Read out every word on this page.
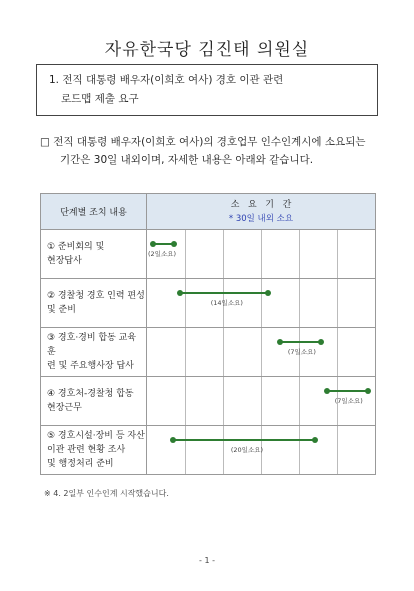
자유한국당 김진태 의원실
1. 전직 대통령 배우자(이희호 여사) 경호 이관 관련
로드맵 제출 요구
□ 전직 대통령 배우자(이희호 여사)의 경호업무 인수인계시에 소요되는
기간은 30일 내외이며, 자세한 내용은 아래와 같습니다.
단계별 조치 내용	소   요   기   간
* 30일 내외 소요

① 준비회의 및
현장답사	(2일소요)

② 경찰청 경호 인력 편성
및 준비	(14일소요)

③ 경호·경비 합동 교육 훈
련 및 주요행사장 답사	(7일소요)

④ 경호처-경찰청 합동
현장근무	(7일소요)

⑤ 경호시설·장비 등 자산
이관 관련 현황 조사
및 행정처리 준비	(20일소요)
※ 4. 2일부 인수인계 시작했습니다.
- 1 -
